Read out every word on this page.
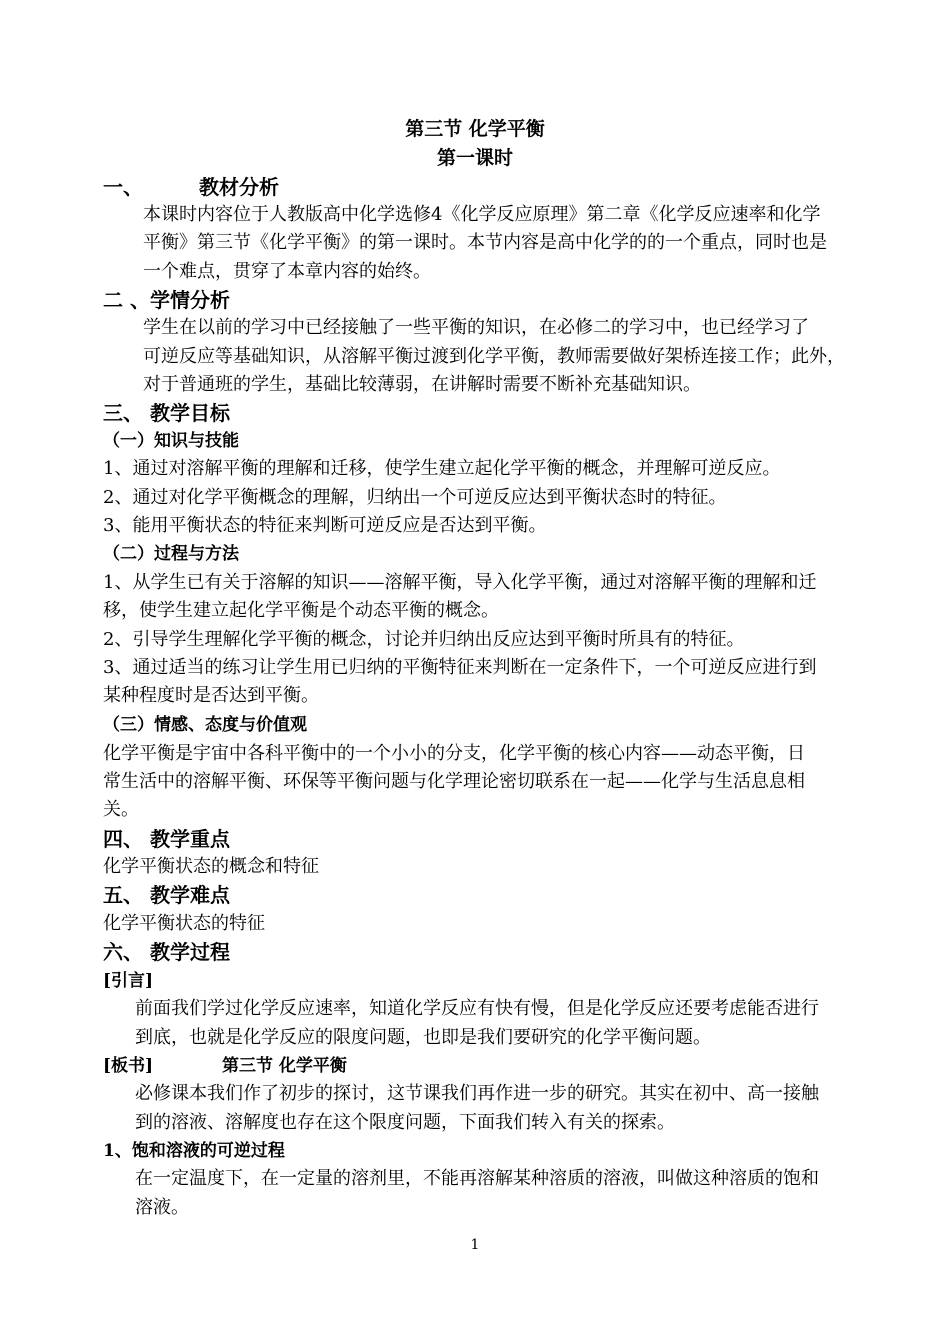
第三节 化学平衡
第一课时
一、	教材分析
本课时内容位于人教版高中化学选修4《化学反应原理》第二章《化学反应速率和化学
平衡》第三节《化学平衡》的第一课时。本节内容是高中化学的的一个重点，同时也是
一个难点，贯穿了本章内容的始终。
二 、学情分析
学生在以前的学习中已经接触了一些平衡的知识，在必修二的学习中，也已经学习了
可逆反应等基础知识，从溶解平衡过渡到化学平衡，教师需要做好架桥连接工作；此外，
对于普通班的学生，基础比较薄弱，在讲解时需要不断补充基础知识。
三、 教学目标
（一）知识与技能
1、通过对溶解平衡的理解和迁移，使学生建立起化学平衡的概念，并理解可逆反应。
2、通过对化学平衡概念的理解，归纳出一个可逆反应达到平衡状态时的特征。
3、能用平衡状态的特征来判断可逆反应是否达到平衡。
（二）过程与方法
1、从学生已有关于溶解的知识——溶解平衡，导入化学平衡，通过对溶解平衡的理解和迁
移，使学生建立起化学平衡是个动态平衡的概念。
2、引导学生理解化学平衡的概念，讨论并归纳出反应达到平衡时所具有的特征。
3、通过适当的练习让学生用已归纳的平衡特征来判断在一定条件下，一个可逆反应进行到
某种程度时是否达到平衡。
（三）情感、态度与价值观
化学平衡是宇宙中各科平衡中的一个小小的分支，化学平衡的核心内容——动态平衡，日
常生活中的溶解平衡、环保等平衡问题与化学理论密切联系在一起——化学与生活息息相
关。
四、 教学重点
化学平衡状态的概念和特征
五、 教学难点
化学平衡状态的特征
六、 教学过程
[引言]
前面我们学过化学反应速率，知道化学反应有快有慢，但是化学反应还要考虑能否进行
到底，也就是化学反应的限度问题，也即是我们要研究的化学平衡问题。
[板书]	第三节 化学平衡
必修课本我们作了初步的探讨，这节课我们再作进一步的研究。其实在初中、高一接触
到的溶液、溶解度也存在这个限度问题，下面我们转入有关的探索。
1、饱和溶液的可逆过程
在一定温度下，在一定量的溶剂里，不能再溶解某种溶质的溶液，叫做这种溶质的饱和
溶液。
1
